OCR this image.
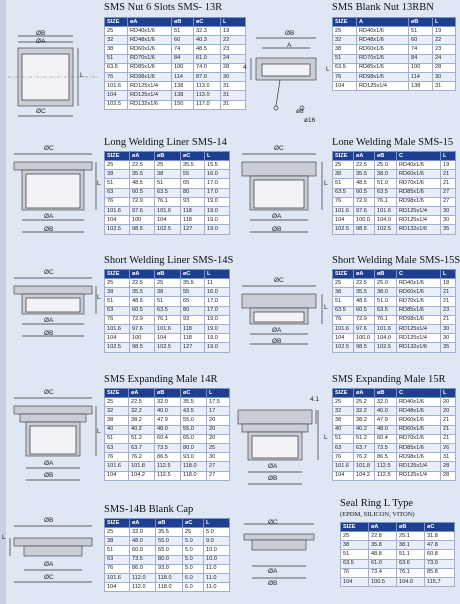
SMS Nut 6 Slots SMS- 13R
ØB
ØA
ØC
L
SIZE	øA	øB	øC	L
25	RD40x1/6	51	32.3	19
32	RD48x1/6	60	40.3	22
38	RD60x1/6	74	48.5	23
51	RD70x1/6	84	61.0	24
63.5	RD85x1/6	100	74.0	28
76	RD98x1/6	114	87.0	30
101.6	RD125x1/4	138	113.0	31
104	RD125x1/4	138	113.0	31
102.5	RD132x1/6	150	117.0	31
SMS Blank Nut 13RBN
ØB
A
4	L
ø8
ø16
SIZE	A	øB	L
25	RD40x1/6	51	19
32	RD48x1/6	60	22
38	RD60x1/6	74	23
51	RD70x1/6	84	24
63.5	RD85x1/6	100	28
76	RD98x1/6	114	30
104	RD125x1/4	138	31
Long Welding Liner SMS-14
ØC
ØA
ØB
L
SIZE	øA	øB	øC	L
25	22.5	25	35.5	15.5
38	35.5	38	55	16.0
51	48.5	51	65	17.0
63	60.5	63.5	80	17.0
76	72.9	76.1	93	19.0
101.6	97.6	101.6	118	19.0
104	100	104	118	19.0
102.5	98.5	102.5	127	19.0
Lone Welding Male SMS-15
ØC
ØA
ØB
L
SIZE	øA	øB	C	L
25	22.5	25.0	RD40x1/6	19
38	35.5	38.0	RD60x1/6	21
51	48.5	51.0	RD70x1/6	21
63.5	60.5	63.5	RD85x1/6	27
76	72.9	76.1	RD98x1/6	27
101.6	97.6	101.6	RD125x1/4	30
104	100.0	104.0	RD125x1/4	30
102.5	98.5	102.5	RD132x1/6	35
Short Welding Liner SMS-14S
ØC
ØA
ØB
L
SIZE	øA	øB	øC	L
25	22.5	25	35.5	11
38	35.5	38	55	16.0
51	48.5	51	65	17.0
63	60.5	63.5	80	17.0
76	72.9	76.1	93	19.0
101.6	97.6	101.6	118	19.0
104	100	104	118	19.0
102.5	98.5	102.5	127	19.0
Short Welding Male SMS-15S
ØC
ØA
ØB
L
SIZE	øA	øB	C	L
25	22.5	25.0	RD40x1/6	18
38	35.5	38.0	RD60x1/6	21
51	48.5	51.0	RD70x1/6	21
63.5	60.5	63.5	RD85x1/6	23
76	72.9	76.1	RD98x1/6	21
101.6	97.6	101.6	RD125x1/4	30
104	100.0	104.0	RD125x1/4	30
102.5	98.5	102.5	RD132x1/6	35
SMS Expanding Male 14R
ØC
ØA
ØB
L
SIZE	øA	øB	øC	L
25	22.5	32.0	35.5	17.5
32	32.2	40.0	43.5	17
38	38.2	47.9	55.0	20
40	40.2	48.0	55.0	20
51	51.2	60.4	65.0	20
63	63.7	73.5	80.0	25
76	76.2	86.5	93.0	30
101.6	101.8	112.5	118.0	27
104	104.2	112.5	118.0	27
SMS Expanding Male 15R
4.1
L
ØA
ØB
SIZE	øA	øB	C	L
25	25.2	32.0	RD40x1/6	20
32	32.2	40.0	RD48x1/6	20
38	38.2	47.9	RD60x1/6	21
40	40.2	48.0	RD60x1/6	21
51	51.2	60.4	RD70x1/6	21
63	63.7	73.5	RD85x1/6	26
76	76.2	86.5	RD98x1/6	31
101.6	101.8	112.5	RD125x1/4	28
104	104.2	112.5	RD125x1/4	28
SMS-14B Blank Cap
L
ØB
ØA
ØC
SIZE	øA	øB	øC	L
25	32.0	35.5	25	5.0
38	48.0	55.0	5.0	9.0
51	60.0	65.0	5.0	10.0
63	73.5	80.0	5.0	10.0
76	86.0	93.0	5.0	11.0
101.6	112.0	118.0	6.0	11.0
104	112.0	118.0	6.0	11.0
Seal Ring L Type
(EPDM, SILICON, VITON)
ØC
ØA
ØB
SIZE	øA	øB	øC
25	22.8	25.1	31.8
38	35.8	38.1	47.8
51	48.8	51.1	60.8
63.5	61.0	63.6	73.0
76	73.4	76.1	85.8
104	100.5	104.0	115.7
